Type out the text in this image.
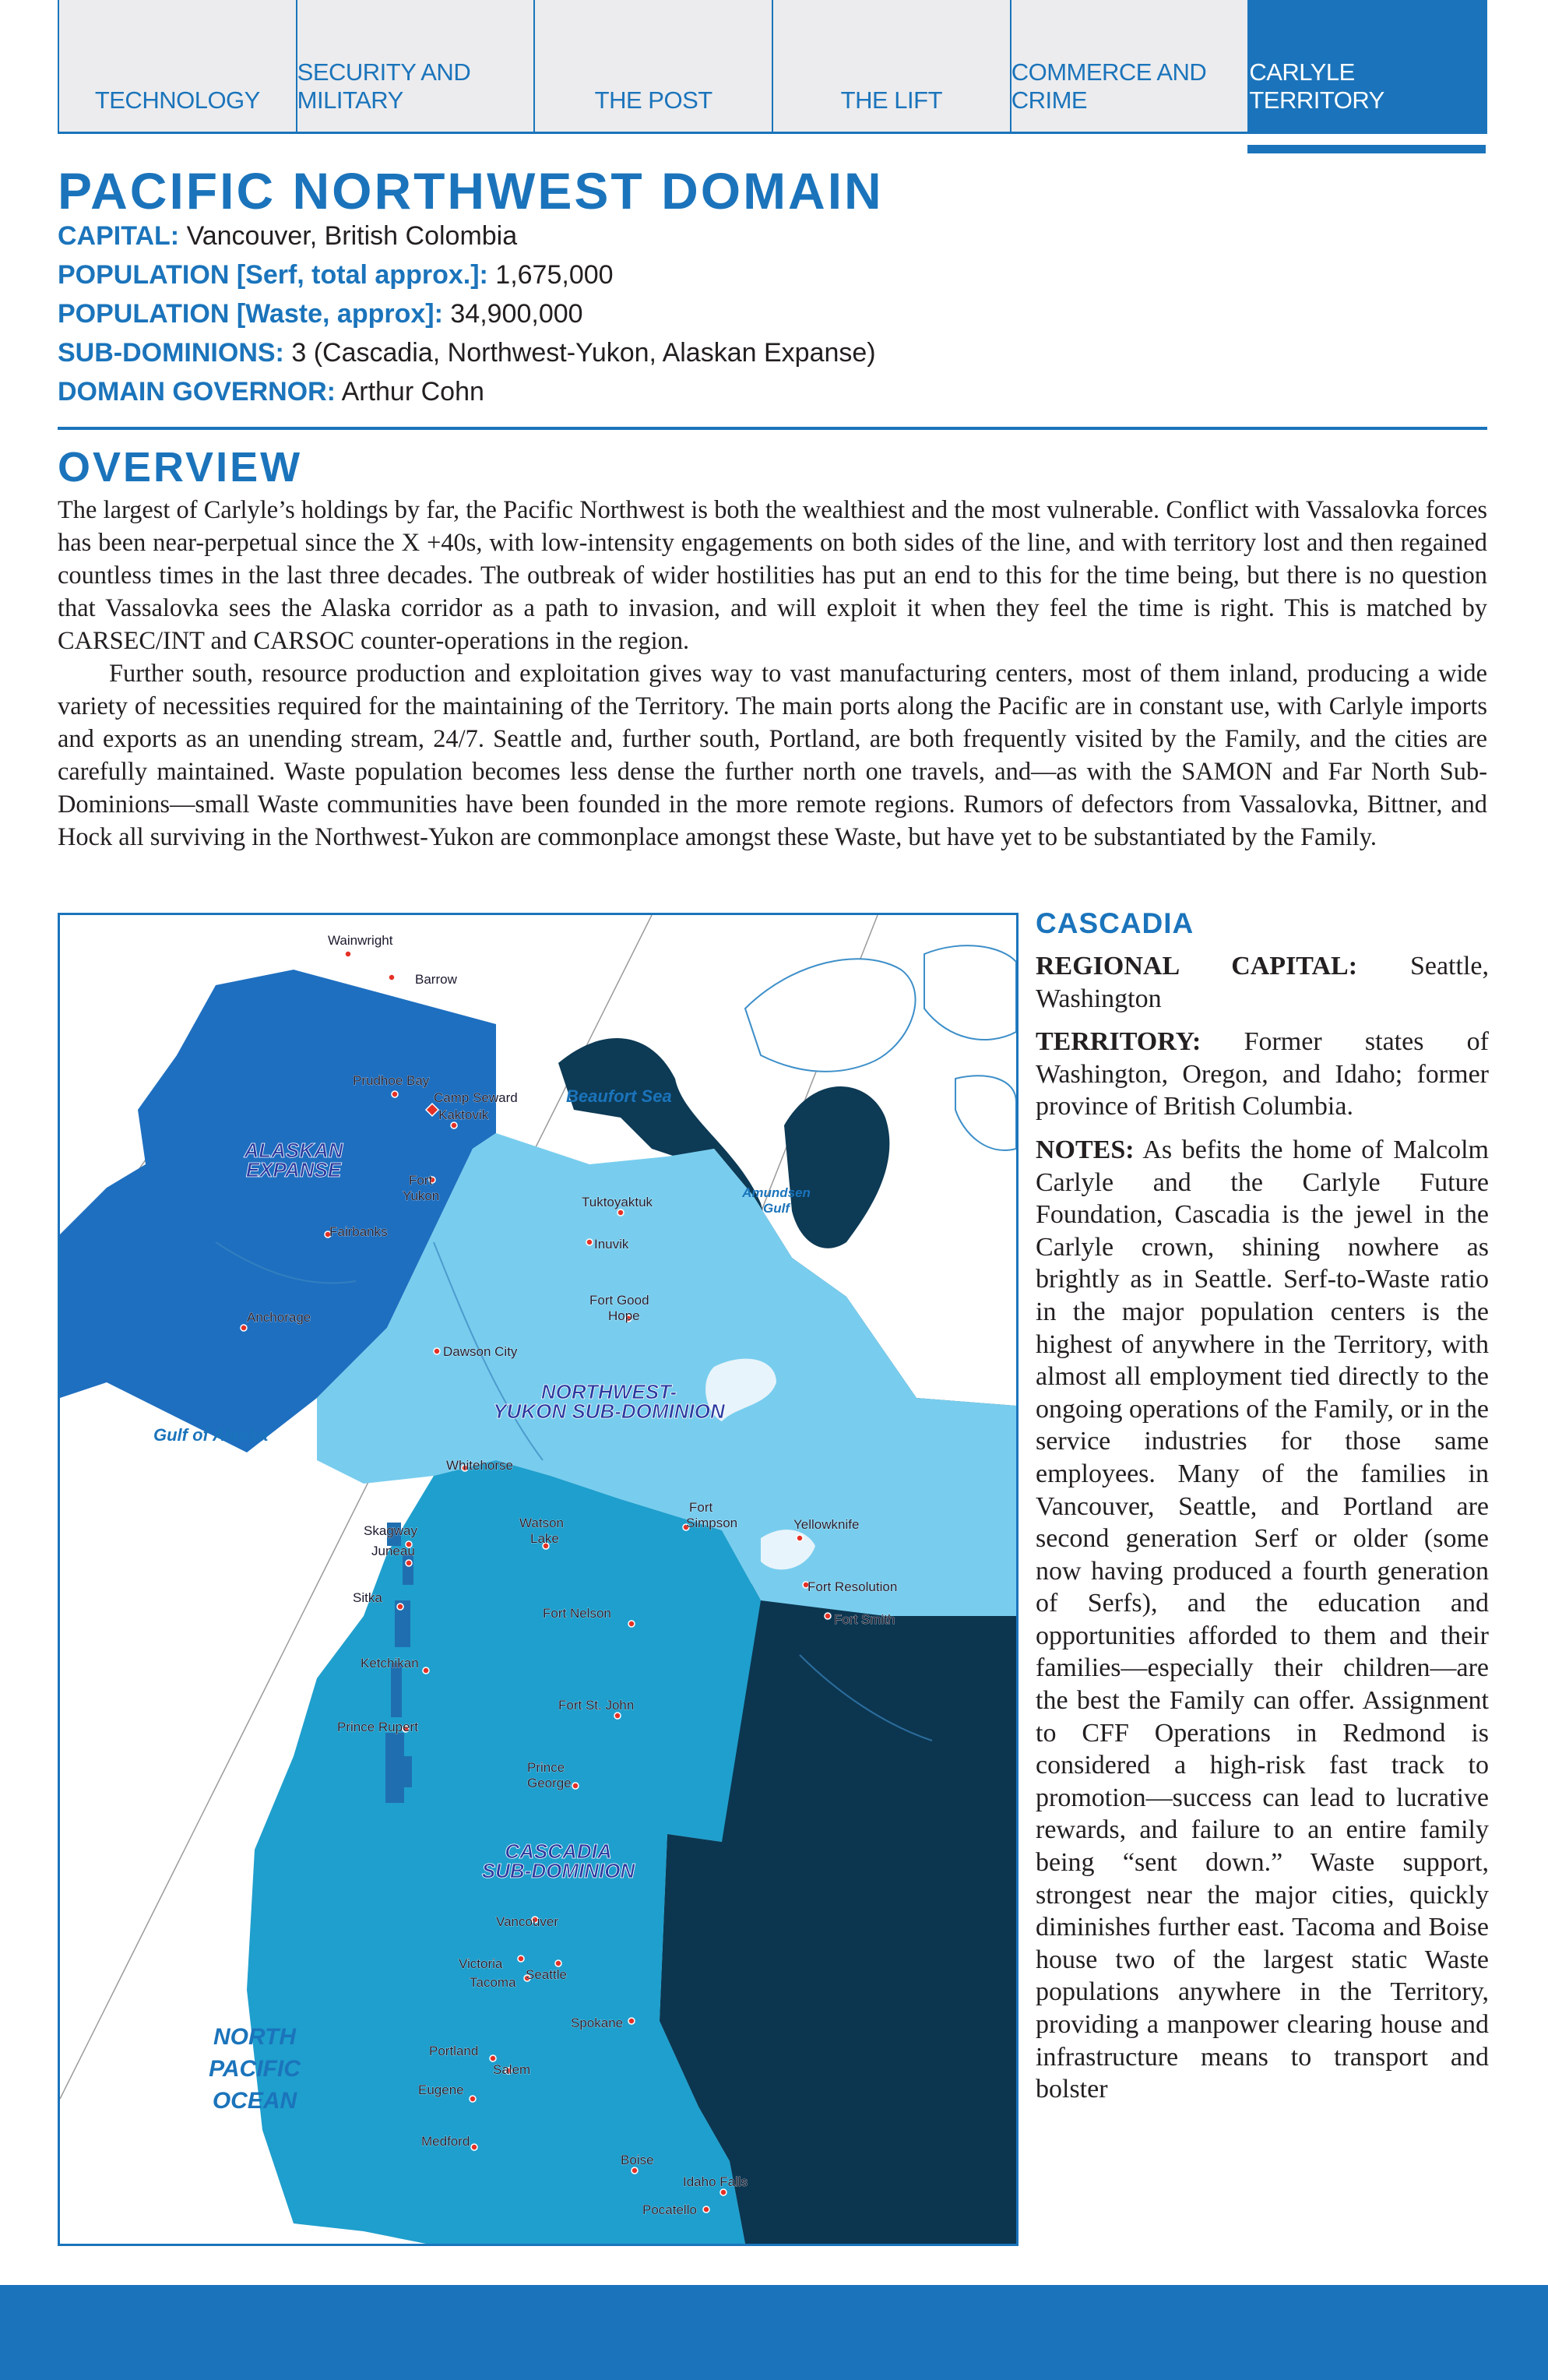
TECHNOLOGY
SECURITY AND MILITARY	THE POST	THE LIFT
COMMERCE AND CRIME
CARLYLE TERRITORY
PACIFIC NORTHWEST DOMAIN
CAPITAL: Vancouver, British Colombia
POPULATION [Serf, total approx.]: 1,675,000
POPULATION [Waste, approx]: 34,900,000
SUB-DOMINIONS: 3 (Cascadia, Northwest-Yukon, Alaskan Expanse)
DOMAIN GOVERNOR: Arthur Cohn
OVERVIEW

The largest of Carlyle’s holdings by far, the Pacific Northwest is both the wealthiest and the most vulnerable. Conflict with Vassalovka forces has been near-perpetual since the X +40s, with low-intensity engagements on both sides of the line, and with territory lost and then regained countless times in the last three decades. The outbreak of wider hostilities has put an end to this for the time being, but there is no question that Vassalovka sees the Alaska corridor as a path to invasion, and will exploit it when they feel the time is right. This is matched by CARSEC/INT and CARSOC counter-operations in the region.

Further south, resource production and exploitation gives way to vast manufacturing centers, most of them inland, producing a wide variety of necessities required for the maintaining of the Territory. The main ports along the Pacific are in constant use, with Carlyle imports and exports as an unending stream, 24/7. Seattle and, further south, Portland, are both frequently visited by the Family, and the cities are carefully maintained. Waste population becomes less dense the further north one travels, and—as with the SAMON and Far North Sub-Dominions—small Waste communities have been founded in the more remote regions. Rumors of defectors from Vassalovka, Bittner, and Hock all surviving in the Northwest-Yukon are commonplace amongst these Waste, but have yet to be substantiated by the Family.

ALASKAN
EXPANSE
NORTHWEST-
YUKON SUB-DOMINION
CASCADIA
SUB-DOMINION
Beaufort Sea
Amundsen
Gulf
Gulf of Alaska
NORTH
PACIFIC
OCEAN
Wainwright
Barrow
Prudhoe Bay
Camp Seward
Kaktovik
Fort
Yukon
Fairbanks
Anchorage
Tuktoyaktuk
Inuvik
Fort Good
Hope
Dawson City
Whitehorse
Fort
Simpson	Yellowknife
Skagway
Juneau
Watson
Lake
Sitka
Fort Resolution
Fort Smith
Fort Nelson
Ketchikan
Prince Rupert
Fort St. John
Prince
George
Vancouver
Victoria
Tacoma
Seattle
Spokane
Portland
Salem
Eugene
Medford
Boise
Idaho Falls
Pocatello
CASCADIA

REGIONAL CAPITAL: Seattle, Washington

TERRITORY: Former states of Washington, Oregon, and Idaho; former province of British Columbia.

NOTES: As befits the home of Malcolm Carlyle and the Carlyle Future Foundation, Cascadia is the jewel in the Carlyle crown, shining nowhere as brightly as in Seattle. Serf-to-Waste ratio in the major population centers is the highest of anywhere in the Territory, with almost all employment tied directly to the ongoing operations of the Family, or in the service industries for those same employees. Many of the families in Vancouver, Seattle, and Portland are second generation Serf or older (some now having produced a fourth generation of Serfs), and the education and opportunities afforded to them and their families—especially their children—are the best the Family can offer. Assignment to CFF Operations in Redmond is considered a high-risk fast track to promotion—success can lead to lucrative rewards, and failure to an entire family being “sent down.” Waste support, strongest near the major cities, quickly diminishes further east. Tacoma and Boise house two of the largest static Waste populations anywhere in the Territory, providing a manpower clearing house and infrastructure means to transport and bolster
